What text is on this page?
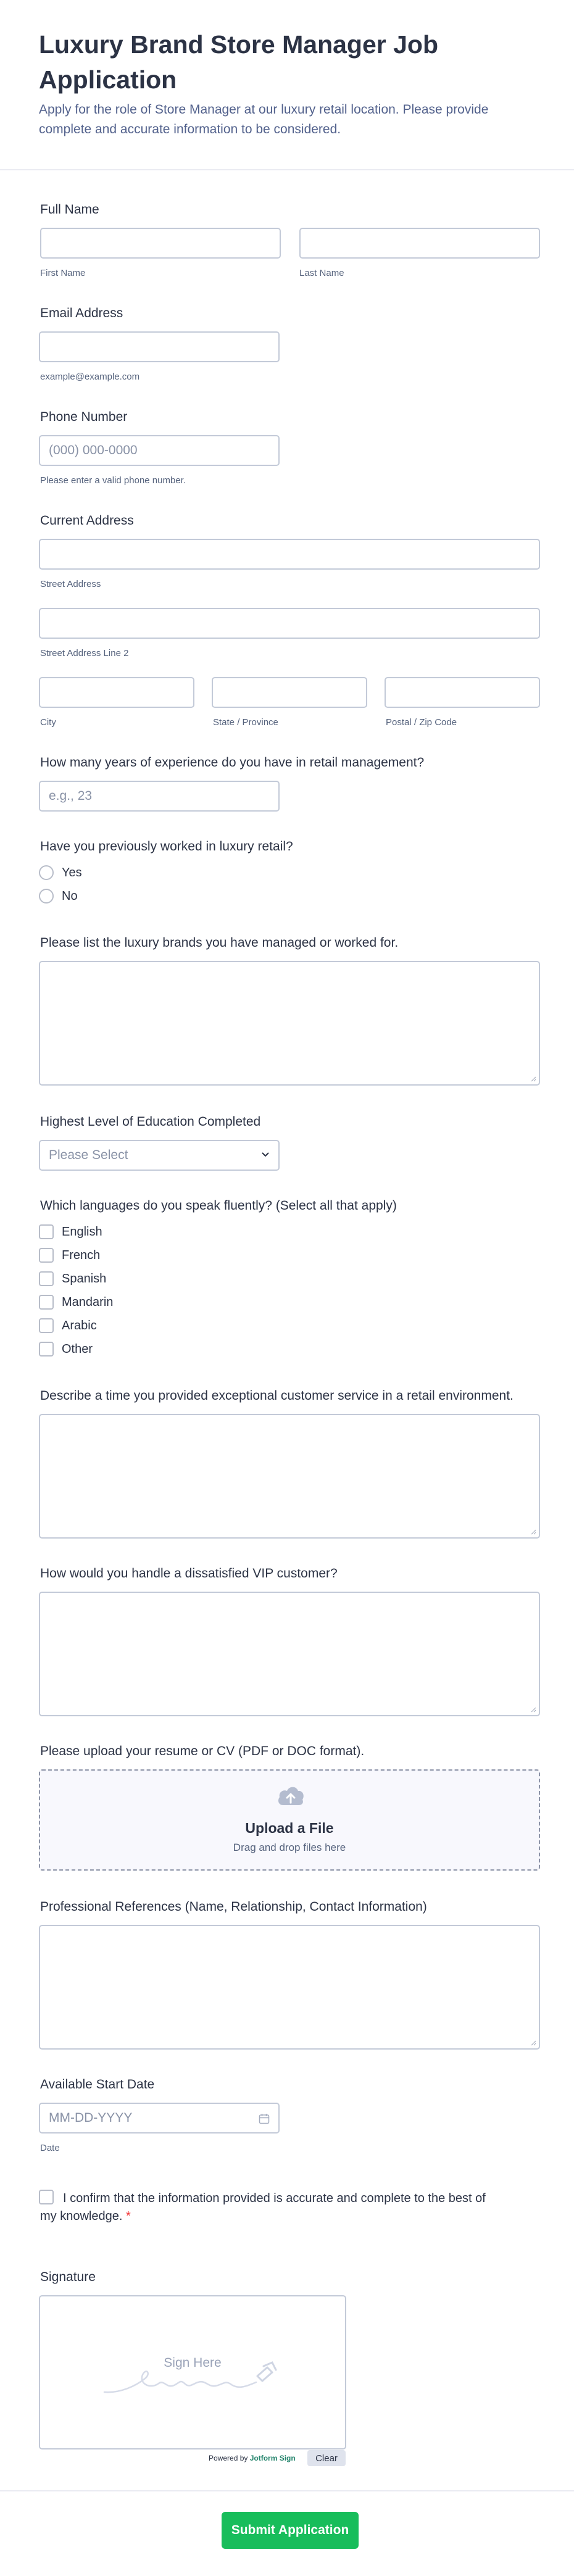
Luxury Brand Store Manager Job Application
Apply for the role of Store Manager at our luxury retail location. Please provide complete and accurate information to be considered.
Full Name
First Name	Last Name
Email Address
example@example.com
Phone Number
(000) 000-0000
Please enter a valid phone number.
Current Address
Street Address
Street Address Line 2
City	State / Province	Postal / Zip Code
How many years of experience do you have in retail management?
e.g., 23
Have you previously worked in luxury retail?
Yes
No
Please list the luxury brands you have managed or worked for.
Highest Level of Education Completed
Please Select
Which languages do you speak fluently? (Select all that apply)
English
French
Spanish
Mandarin
Arabic
Other
Describe a time you provided exceptional customer service in a retail environment.
How would you handle a dissatisfied VIP customer?
Please upload your resume or CV (PDF or DOC format).
Upload a File
Drag and drop files here
Professional References (Name, Relationship, Contact Information)
Available Start Date
MM-DD-YYYY
Date
I confirm that the information provided is accurate and complete to the best of my knowledge. *
Signature
Sign Here
Powered by Jotform Sign	Clear
Submit Application
